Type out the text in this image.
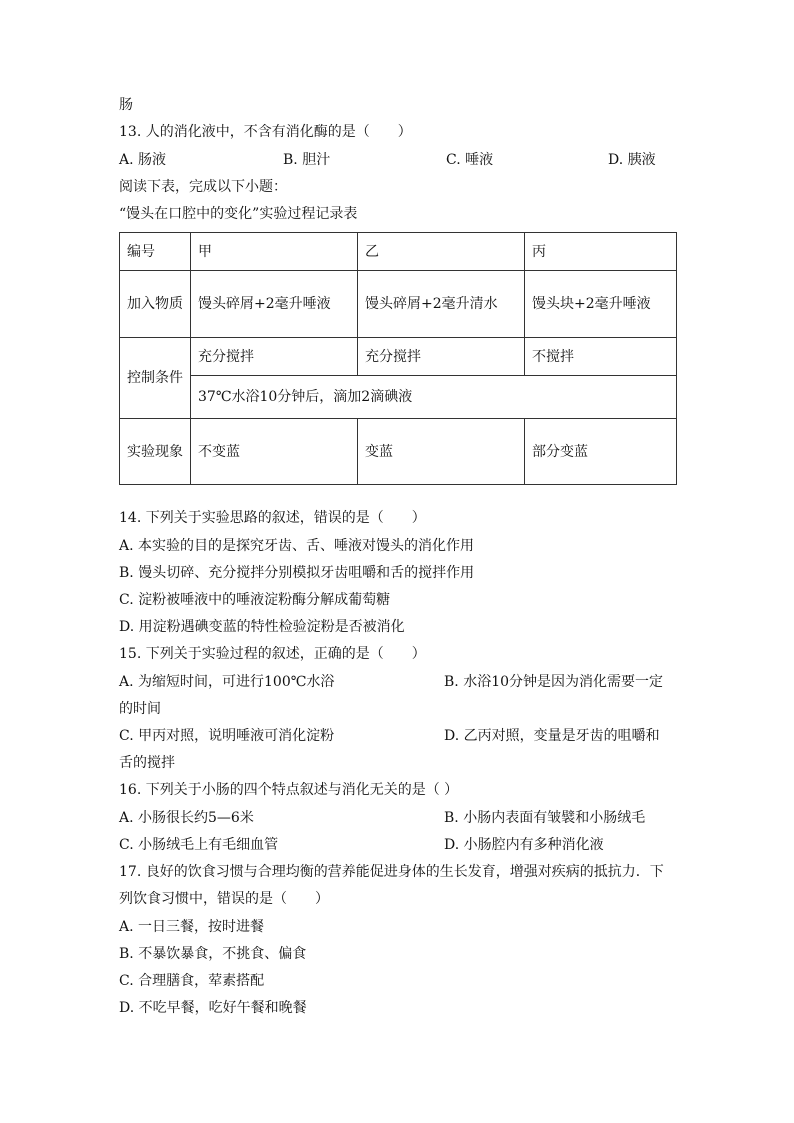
肠
13. 人的消化液中，不含有消化酶的是（　　）
A. 肠液	B. 胆汁	C. 唾液	D. 胰液
阅读下表，完成以下小题：
“馒头在口腔中的变化”实验过程记录表
编号	甲	乙	丙
加入物质	馒头碎屑+2毫升唾液	馒头碎屑+2毫升清水	馒头块+2毫升唾液
控制条件	充分搅拌	充分搅拌	不搅拌
	37℃水浴10分钟后，滴加2滴碘液		
实验现象	不变蓝	变蓝	部分变蓝
14. 下列关于实验思路的叙述，错误的是（　　）
A. 本实验的目的是探究牙齿、舌、唾液对馒头的消化作用
B. 馒头切碎、充分搅拌分别模拟牙齿咀嚼和舌的搅拌作用
C. 淀粉被唾液中的唾液淀粉酶分解成葡萄糖
D. 用淀粉遇碘变蓝的特性检验淀粉是否被消化
15. 下列关于实验过程的叙述，正确的是（　　）
A. 为缩短时间，可进行100℃水浴	B. 水浴10分钟是因为消化需要一定
的时间
C. 甲丙对照，说明唾液可消化淀粉	D. 乙丙对照，变量是牙齿的咀嚼和
舌的搅拌
16. 下列关于小肠的四个特点叙述与消化无关的是（ ）
A. 小肠很长约5—6米	B. 小肠内表面有皱襞和小肠绒毛
C. 小肠绒毛上有毛细血管	D. 小肠腔内有多种消化液
17. 良好的饮食习惯与合理均衡的营养能促进身体的生长发育，增强对疾病的抵抗力．下
列饮食习惯中，错误的是（　　）
A. 一日三餐，按时进餐
B. 不暴饮暴食，不挑食、偏食
C. 合理膳食，荤素搭配
D. 不吃早餐，吃好午餐和晚餐
